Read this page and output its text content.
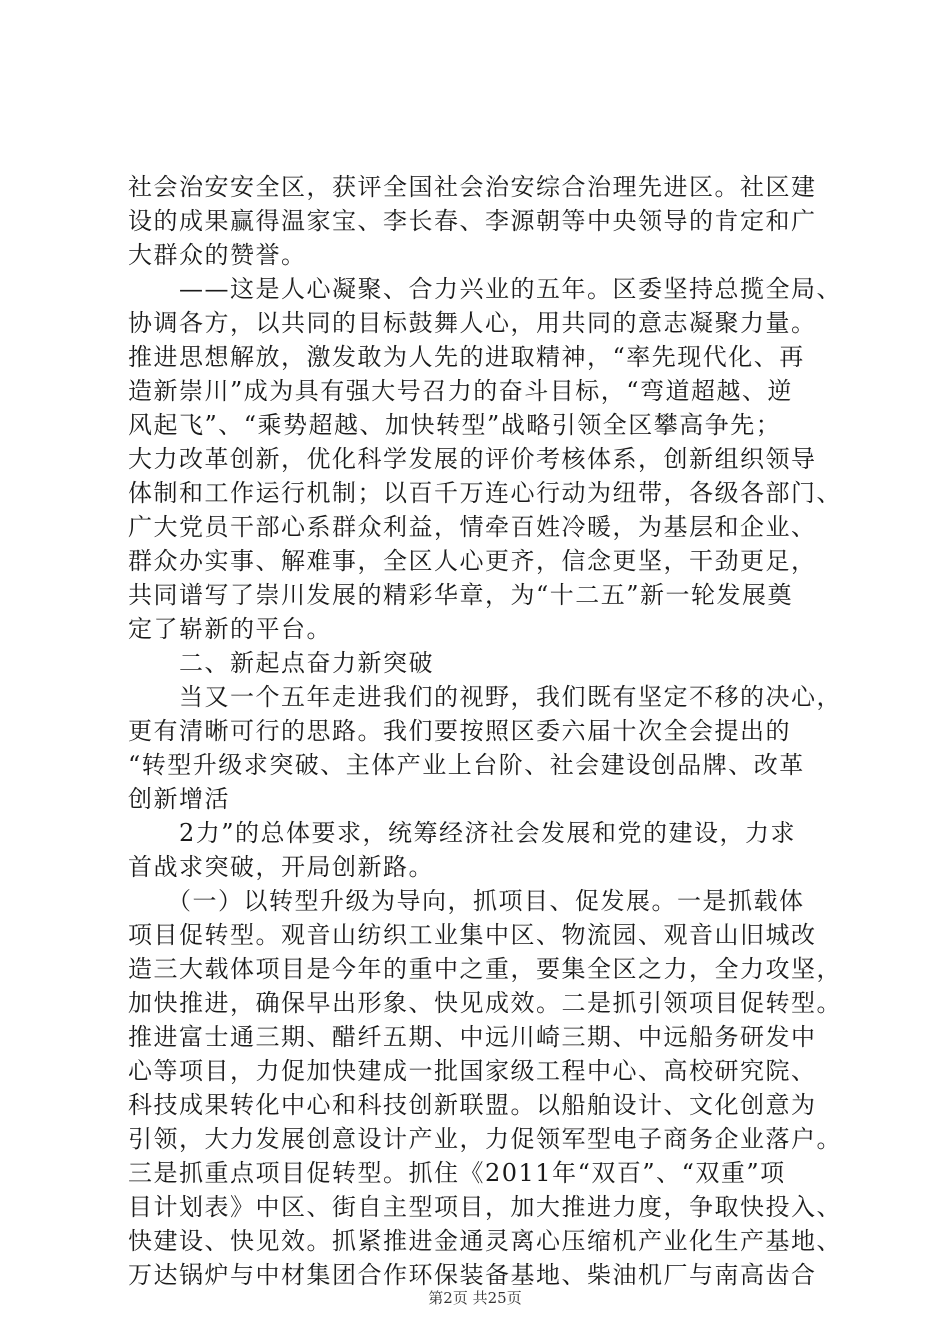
社会治安安全区，获评全国社会治安综合治理先进区。社区建
设的成果赢得温家宝、李长春、李源朝等中央领导的肯定和广
大群众的赞誉。
　　——这是人心凝聚、合力兴业的五年。区委坚持总揽全局、
协调各方，以共同的目标鼓舞人心，用共同的意志凝聚力量。
推进思想解放，激发敢为人先的进取精神，“率先现代化、再
造新崇川”成为具有强大号召力的奋斗目标，“弯道超越、逆
风起飞”、“乘势超越、加快转型”战略引领全区攀高争先；
大力改革创新，优化科学发展的评价考核体系，创新组织领导
体制和工作运行机制；以百千万连心行动为纽带，各级各部门、
广大党员干部心系群众利益，情牵百姓冷暖，为基层和企业、
群众办实事、解难事，全区人心更齐，信念更坚，干劲更足，
共同谱写了崇川发展的精彩华章，为“十二五”新一轮发展奠
定了崭新的平台。
　　二、新起点奋力新突破
　　当又一个五年走进我们的视野，我们既有坚定不移的决心，
更有清晰可行的思路。我们要按照区委六届十次全会提出的
“转型升级求突破、主体产业上台阶、社会建设创品牌、改革
创新增活
　　2力”的总体要求，统筹经济社会发展和党的建设，力求
首战求突破，开局创新路。
　　（一）以转型升级为导向，抓项目、促发展。一是抓载体
项目促转型。观音山纺织工业集中区、物流园、观音山旧城改
造三大载体项目是今年的重中之重，要集全区之力，全力攻坚，
加快推进，确保早出形象、快见成效。二是抓引领项目促转型。
推进富士通三期、醋纤五期、中远川崎三期、中远船务研发中
心等项目，力促加快建成一批国家级工程中心、高校研究院、
科技成果转化中心和科技创新联盟。以船舶设计、文化创意为
引领，大力发展创意设计产业，力促领军型电子商务企业落户。
三是抓重点项目促转型。抓住《2011年“双百”、“双重”项
目计划表》中区、街自主型项目，加大推进力度，争取快投入、
快建设、快见效。抓紧推进金通灵离心压缩机产业化生产基地、
万达锅炉与中材集团合作环保装备基地、柴油机厂与南高齿合
第2页 共25页
